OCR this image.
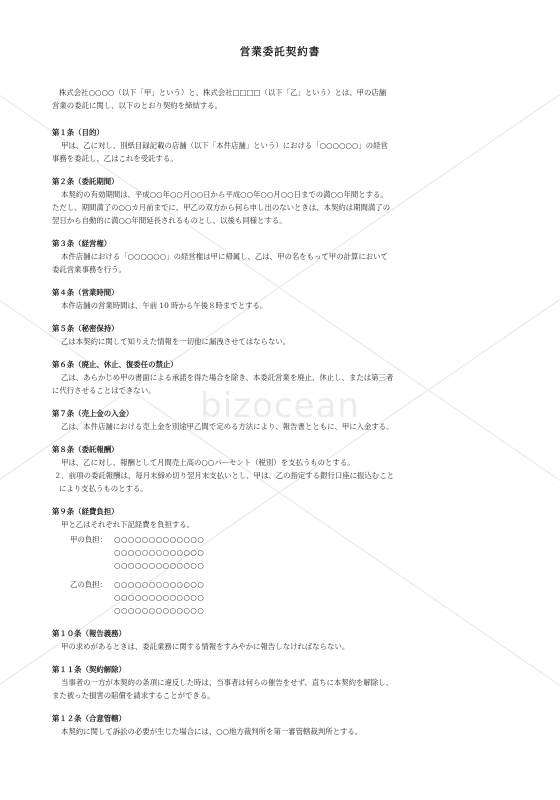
bizocean
営業委託契約書

株式会社○○○○（以下「甲」という）と、株式会社□□□□（以下「乙」という）とは、甲の店舗

営業の委託に関し、以下のとおり契約を締結する。

第１条（目的）

甲は、乙に対し、別紙目録記載の店舗（以下「本件店舗」という）における「○○○○○○」の経営

事務を委託し、乙はこれを受託する。

第２条（委託期間）

本契約の有効期間は、平成○○年○○月○○日から平成○○年○○月○○日までの満○○年間とする。

ただし、期間満了の○○カ月前までに、甲乙の双方から何ら申し出のないときは、本契約は期間満了の

翌日から自動的に満○○年間延長されるものとし、以後も同様とする。

第３条（経営権）

本件店舗における「○○○○○○」の経営権は甲に帰属し、乙は、甲の名をもって甲の計算において

委託営業事務を行う。

第４条（営業時間）

本件店舗の営業時間は、午前 10 時から午後８時までとする。

第５条（秘密保持）

乙は本契約に関して知りえた情報を一切他に漏洩させてはならない。

第６条（廃止、休止、復委任の禁止）

乙は、あらかじめ甲の書面による承諾を得た場合を除き、本委託営業を廃止、休止し、または第三者

に代行させることはできない。

第７条（売上金の入金）

乙は、本件店舗における売上金を別途甲乙間で定める方法により、報告書とともに、甲に入金する。

第８条（委託報酬）

甲は、乙に対し、報酬として月間売上高の○○パーセント（税別）を支払うものとする。

２．前項の委託報酬は、毎月末締め切り翌月末支払いとし、甲は、乙の指定する銀行口座に振込むこと

により支払うものとする。

第９条（経費負担）

甲と乙はそれぞれ下記経費を負担する。

甲の負担： ○○○○○○○○○○○○○

○○○○○○○○○○○○○

○○○○○○○○○○○○○

乙の負担： ○○○○○○○○○○○○○

○○○○○○○○○○○○○

○○○○○○○○○○○○○

第１０条（報告義務）

甲の求めがあるときは、委託業務に関する情報をすみやかに報告しなければならない。

第１１条（契約解除）

当事者の一方が本契約の条項に違反した時は、当事者は何らの催告をせず、直ちに本契約を解除し、

また被った損害の賠償を請求することができる。

第１２条（合意管轄）

本契約に関して訴訟の必要が生じた場合には、○○地方裁判所を第一審管轄裁判所とする。
